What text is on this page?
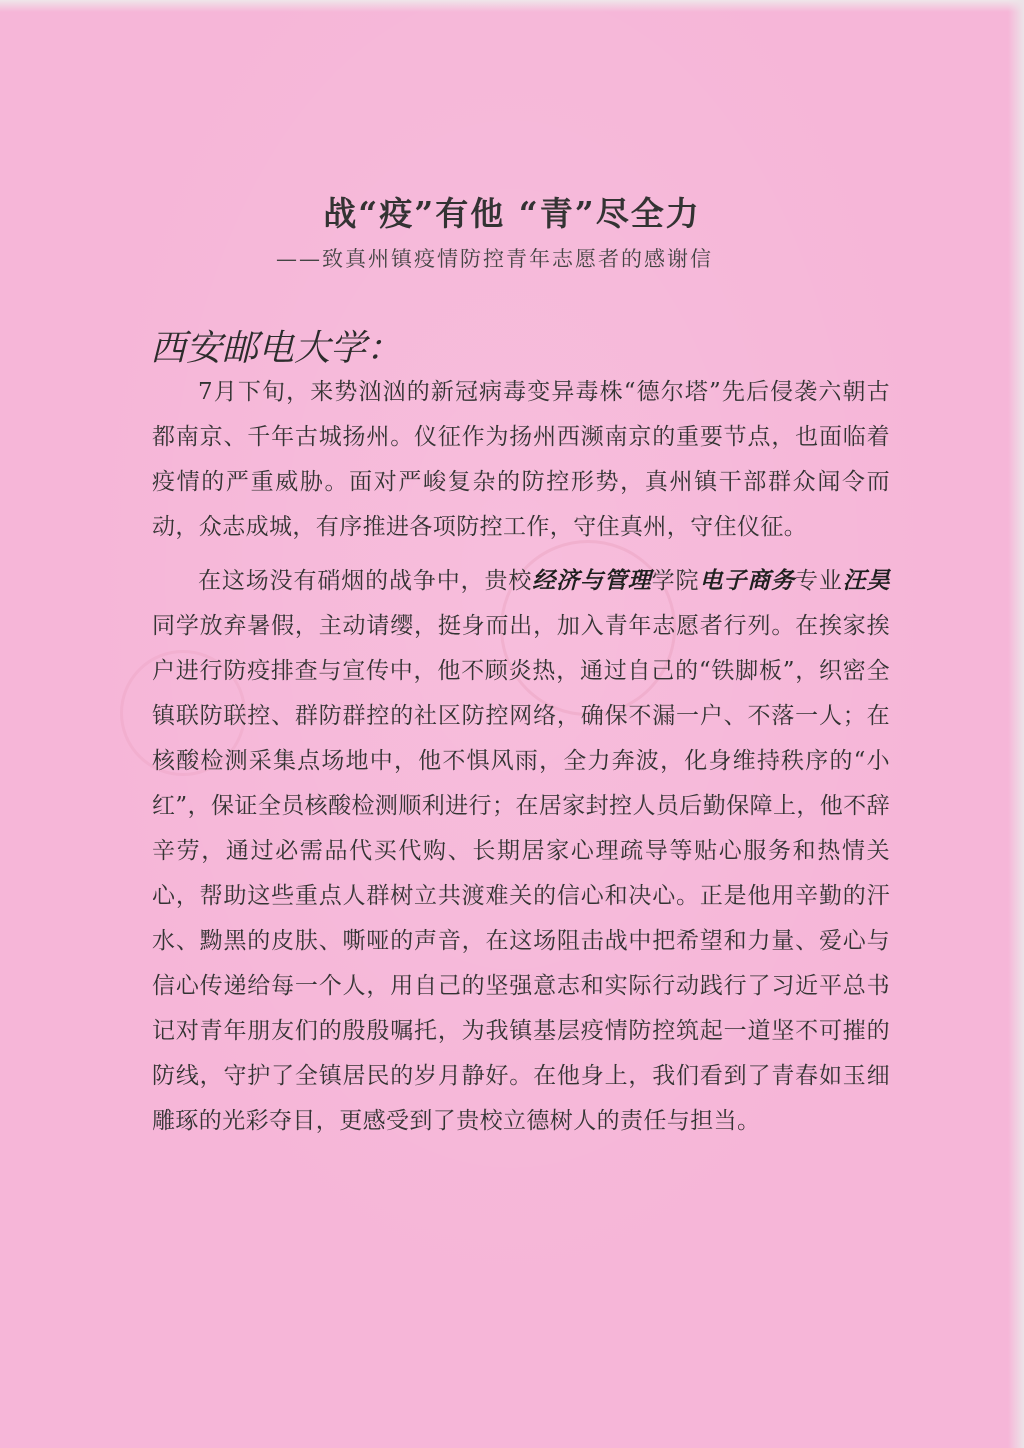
战“疫”有他 “青”尽全力
——致真州镇疫情防控青年志愿者的感谢信
西安邮电大学：

7月下旬，来势汹汹的新冠病毒变异毒株“德尔塔”先后侵袭六朝古都南京、千年古城扬州。仪征作为扬州西濒南京的重要节点，也面临着疫情的严重威胁。面对严峻复杂的防控形势，真州镇干部群众闻令而动，众志成城，有序推进各项防控工作，守住真州，守住仪征。

在这场没有硝烟的战争中，贵校经济与管理学院电子商务专业汪昊同学放弃暑假，主动请缨，挺身而出，加入青年志愿者行列。在挨家挨户进行防疫排查与宣传中，他不顾炎热，通过自己的“铁脚板”，织密全镇联防联控、群防群控的社区防控网络，确保不漏一户、不落一人；在核酸检测采集点场地中，他不惧风雨，全力奔波，化身维持秩序的“小红”，保证全员核酸检测顺利进行；在居家封控人员后勤保障上，他不辞辛劳，通过必需品代买代购、长期居家心理疏导等贴心服务和热情关心，帮助这些重点人群树立共渡难关的信心和决心。正是他用辛勤的汗水、黝黑的皮肤、嘶哑的声音，在这场阻击战中把希望和力量、爱心与信心传递给每一个人，用自己的坚强意志和实际行动践行了习近平总书记对青年朋友们的殷殷嘱托，为我镇基层疫情防控筑起一道坚不可摧的防线，守护了全镇居民的岁月静好。在他身上，我们看到了青春如玉细雕琢的光彩夺目，更感受到了贵校立德树人的责任与担当。
